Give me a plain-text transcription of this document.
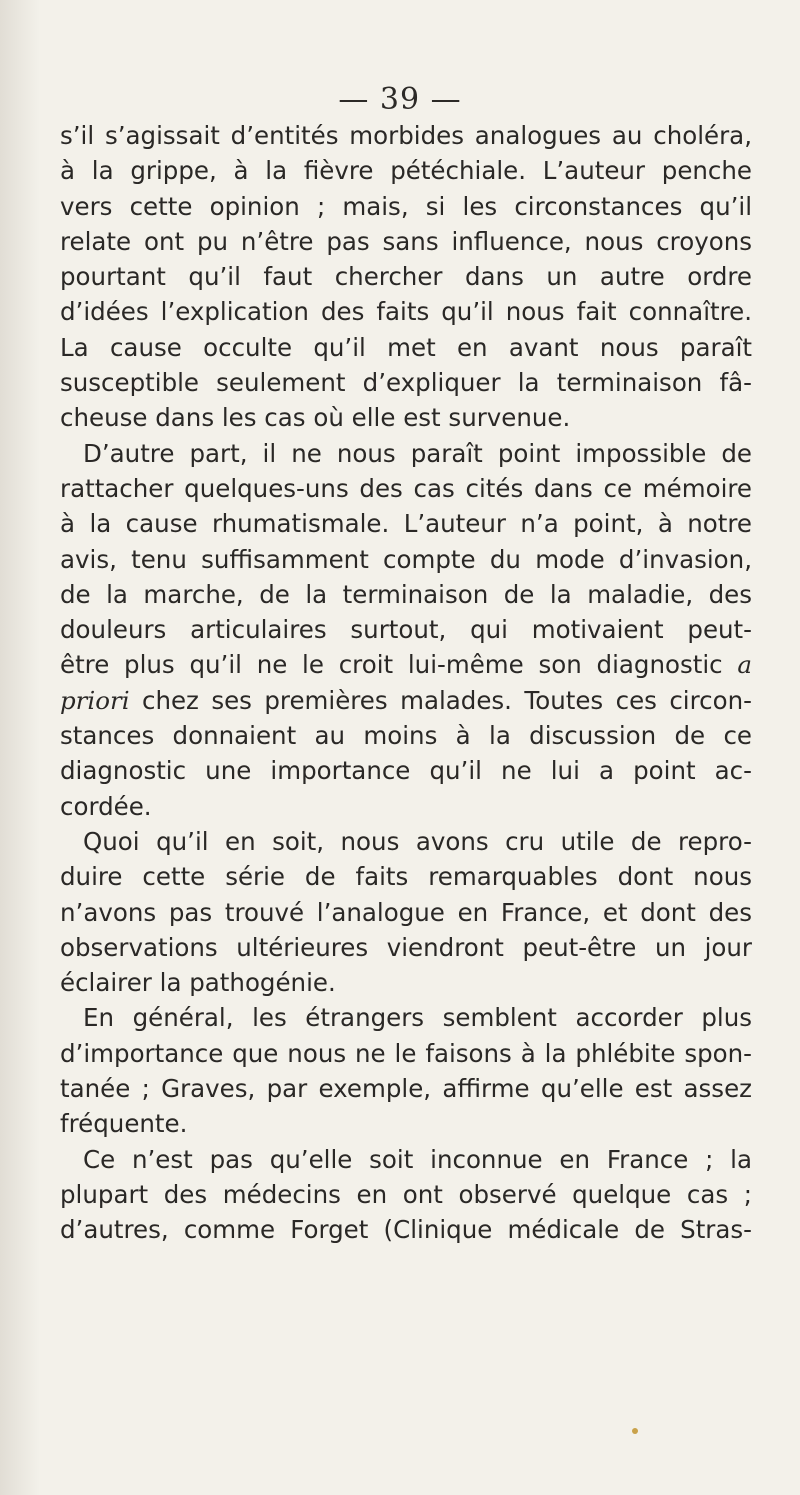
— 39 —
s’il s’agissait d’entités morbides analogues au choléra,
à la grippe, à la fièvre pétéchiale. L’auteur penche
vers cette opinion ; mais, si les circonstances qu’il
relate ont pu n’être pas sans influence, nous croyons
pourtant qu’il faut chercher dans un autre ordre
d’idées l’explication des faits qu’il nous fait connaître.
La cause occulte qu’il met en avant nous paraît
susceptible seulement d’expliquer la terminaison fâ-
cheuse dans les cas où elle est survenue.
D’autre part, il ne nous paraît point impossible de
rattacher quelques-uns des cas cités dans ce mémoire
à la cause rhumatismale. L’auteur n’a point, à notre
avis, tenu suffisamment compte du mode d’invasion,
de la marche, de la terminaison de la maladie, des
douleurs articulaires surtout, qui motivaient peut-
être plus qu’il ne le croit lui-même son diagnostic a
priori chez ses premières malades. Toutes ces circon-
stances donnaient au moins à la discussion de ce
diagnostic une importance qu’il ne lui a point ac-
cordée.
Quoi qu’il en soit, nous avons cru utile de repro-
duire cette série de faits remarquables dont nous
n’avons pas trouvé l’analogue en France, et dont des
observations ultérieures viendront peut-être un jour
éclairer la pathogénie.
En général, les étrangers semblent accorder plus
d’importance que nous ne le faisons à la phlébite spon-
tanée ; Graves, par exemple, affirme qu’elle est assez
fréquente.
Ce n’est pas qu’elle soit inconnue en France ; la
plupart des médecins en ont observé quelque cas ;
d’autres, comme Forget (Clinique médicale de Stras-
